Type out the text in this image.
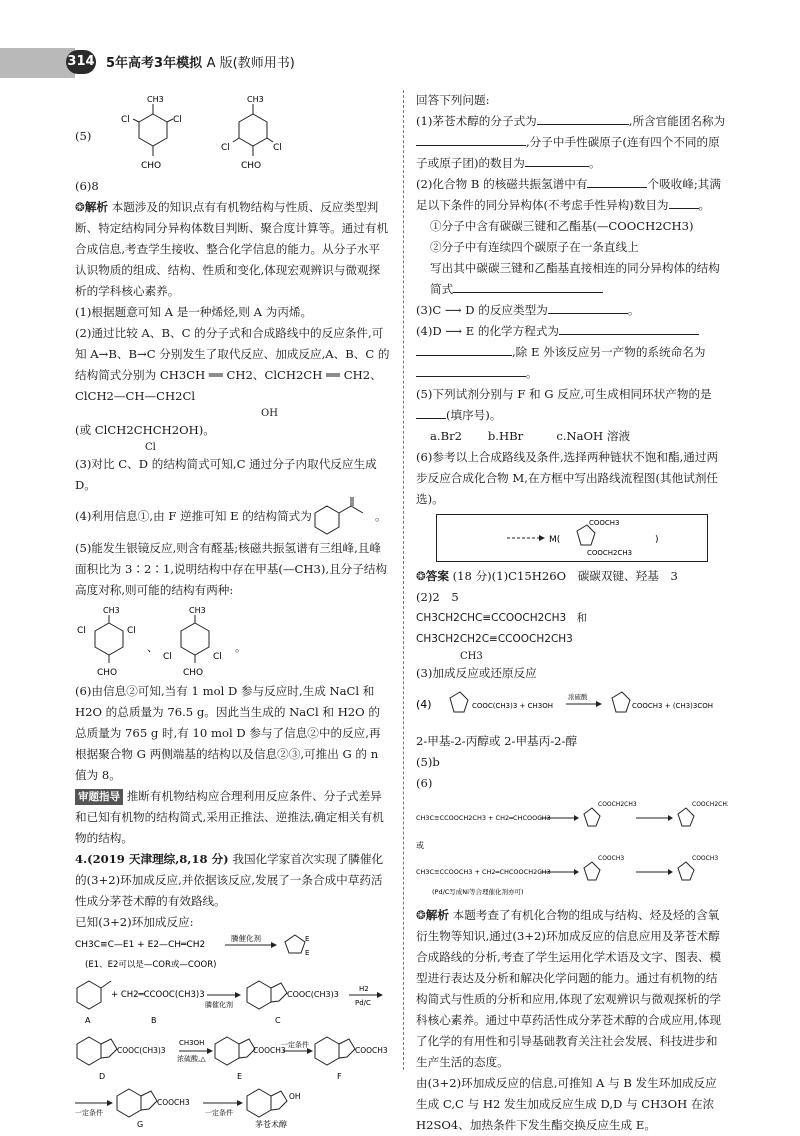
314 5年高考3年模拟 A 版(教师用书)
(5)
CH3
Cl	Cl
CHO
CH3
Cl	Cl
CHO

(6)8

❂解析 本题涉及的知识点有有机物结构与性质、反应类型判断、特定结构同分异构体数目判断、聚合度计算等。通过有机合成信息,考查学生接收、整合化学信息的能力。从分子水平认识物质的组成、结构、性质和变化,体现宏观辨识与微观探析的学科核心素养。

(1)根据题意可知 A 是一种烯烃,则 A 为丙烯。

(2)通过比较 A、B、C 的分子式和合成路线中的反应条件,可知 A→B、B→C 分别发生了取代反应、加成反应,A、B、C 的结构简式分别为 CH3CH ══ CH2、ClCH2CH ══ CH2、ClCH2—CH—CH2Cl

OH

(或 ClCH2CHCH2OH)。

Cl

(3)对比 C、D 的结构简式可知,C 通过分子内取代反应生成 D。

(4)利用信息①,由 F 逆推可知 E 的结构简式为	。

(5)能发生银镜反应,则含有醛基;核磁共振氢谱有三组峰,且峰面积比为 3∶2∶1,说明结构中存在甲基(—CH3),且分子结构高度对称,则可能的结构有两种:

CH3
Cl	Cl
CHO
、
CH3
Cl	Cl
CHO
。

(6)由信息②可知,当有 1 mol D 参与反应时,生成 NaCl 和 H2O 的总质量为 76.5 g。因此当生成的 NaCl 和 H2O 的总质量为 765 g 时,有 10 mol D 参与了信息②中的反应,再根据聚合物 G 两侧端基的结构以及信息②③,可推出 G 的 n 值为 8。

审题指导 推断有机物结构应合理利用反应条件、分子式差异和已知有机物的结构简式,采用正推法、逆推法,确定相关有机物的结构。

4.(2019 天津理综,8,18 分) 我国化学家首次实现了膦催化的(3+2)环加成反应,并依据该反应,发展了一条合成中草药活性成分茅苍术醇的有效路线。

已知(3+2)环加成反应:

CH3C≡C—E1 + E2—CH═CH2
膦催化剂	E
E
(E1、E2可以是—COR或—COOR)
A
+ CH2═CCOOC(CH3)3
B
膦催化剂
COOC(CH3)3
C
H2
Pd/C
COOC(CH3)3
D
CH3OH
浓硫酸,△
COOCH3
E
一定条件
COOCH3
F
一定条件
COOCH3
G
一定条件
OH
茅苍术醇

回答下列问题:

(1)茅苍术醇的分子式为	,所含官能团名称为,分子中手性碳原子(连有四个不同的原子或原子团)的数目为	。

(2)化合物 B 的核磁共振氢谱中有	个吸收峰;其满足以下条件的同分异构体(不考虑手性异构)数目为	。

①分子中含有碳碳三键和乙酯基(—COOCH2CH3)

②分子中有连续四个碳原子在一条直线上

写出其中碳碳三键和乙酯基直接相连的同分异构体的结构简式

(3)C ⟶ D 的反应类型为	。

(4)D ⟶ E 的化学方程式为,除 E 外该反应另一产物的系统命名为。

(5)下列试剂分别与 F 和 G 反应,可生成相同环状产物的是(填序号)。

a.Br2 b.HBr	c.NaOH 溶液

(6)参考以上合成路线及条件,选择两种链状不饱和酯,通过两步反应合成化合物 M,在方框中写出路线流程图(其他试剂任选)。

M(
COOCH3
COOCH2CH3
)

❂答案 (18 分)(1)C15H26O　碳碳双键、羟基　3

(2)2　5

CH3CH2CHC≡CCOOCH2CH3　和　CH3CH2CH2C≡CCOOCH2CH3

CH3

(3)加成反应或还原反应

(4)	COOC(CH3)3 + CH3OH
浓硫酸
COOCH3 + (CH3)3COH

2-甲基-2-丙醇或 2-甲基丙-2-醇

(5)b

(6)

CH3C≡CCOOCH2CH3 + CH2═CHCOOCH3
COOCH2CH3	COOCH2CH3
或
CH3C≡CCOOCH3 + CH2═CHCOOCH2CH3
COOCH3	COOCH3
(Pd/C写成Ni等合理催化剂亦可)

❂解析 本题考查了有机化合物的组成与结构、烃及烃的含氧衍生物等知识,通过(3+2)环加成反应的信息应用及茅苍术醇合成路线的分析,考查了学生运用化学术语及文字、图表、模型进行表达及分析和解决化学问题的能力。通过有机物的结构简式与性质的分析和应用,体现了宏观辨识与微观探析的学科核心素养。通过中草药活性成分茅苍术醇的合成应用,体现了化学的有用性和引导基础教育关注社会发展、科技进步和生产生活的态度。

由(3+2)环加成反应的信息,可推知 A 与 B 发生环加成反应生成 C,C 与 H2 发生加成反应生成 D,D 与 CH3OH 在浓 H2SO4、加热条件下发生酯交换反应生成 E。
